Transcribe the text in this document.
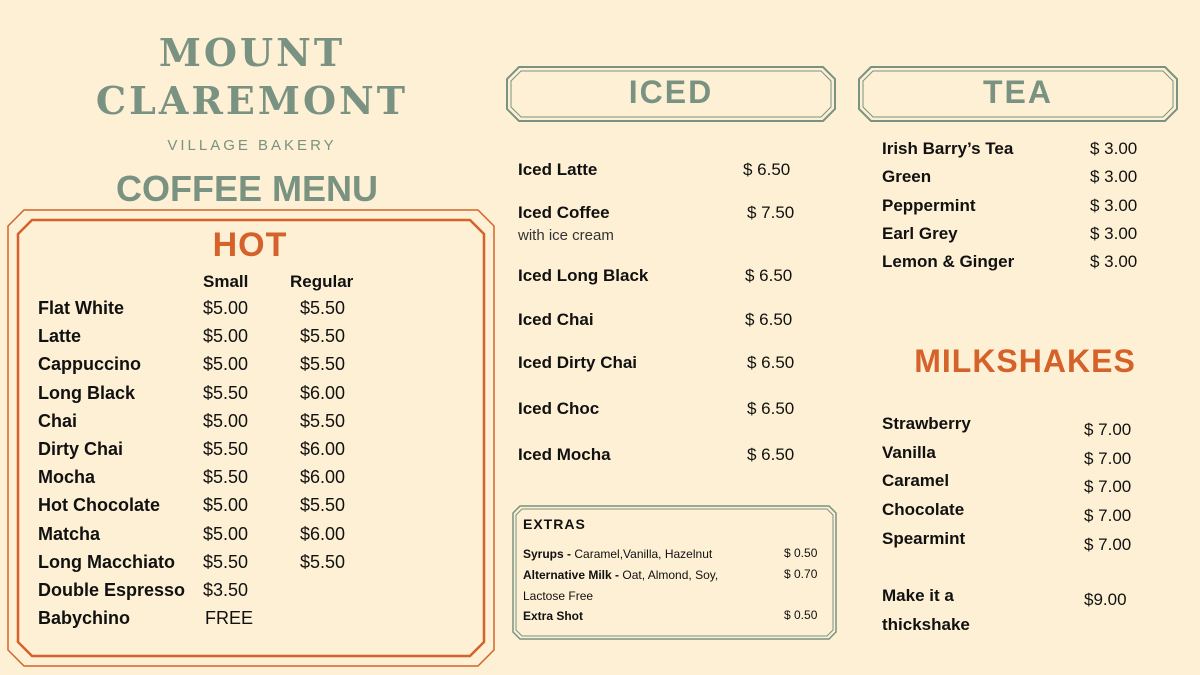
MOUNT
CLAREMONT
VILLAGE BAKERY
COFFEE MENU
HOT
Small Regular
Flat White	$5.00	$5.50
Latte	$5.00	$5.50
Cappuccino	$5.00	$5.50
Long Black	$5.50	$6.00
Chai	$5.00	$5.50
Dirty Chai	$5.50	$6.00
Mocha	$5.50	$6.00
Hot Chocolate $5.00	$5.50
Matcha	$5.00	$6.00
Long Macchiato $5.50	$5.50
Double Espresso $3.50
Babychino	FREE
ICED
Iced Latte	$ 6.50
Iced Coffee	$ 7.50
with ice cream
Iced Long Black	$ 6.50
Iced Chai	$ 6.50
Iced Dirty Chai	$ 6.50
Iced Choc	$ 6.50
Iced Mocha	$ 6.50
EXTRAS
Syrups - Caramel,Vanilla, Hazelnut	$ 0.50
Alternative Milk - Oat, Almond, Soy,	$ 0.70
Lactose Free
Extra Shot	$ 0.50
TEA
Irish Barry’s Tea	$ 3.00
Green	$ 3.00
Peppermint	$ 3.00
Earl Grey	$ 3.00
Lemon & Ginger	$ 3.00
MILKSHAKES
Strawberry	$ 7.00
Vanilla	$ 7.00
Caramel	$ 7.00
Chocolate	$ 7.00
Spearmint	$ 7.00
Make it a
thickshake
$9.00
